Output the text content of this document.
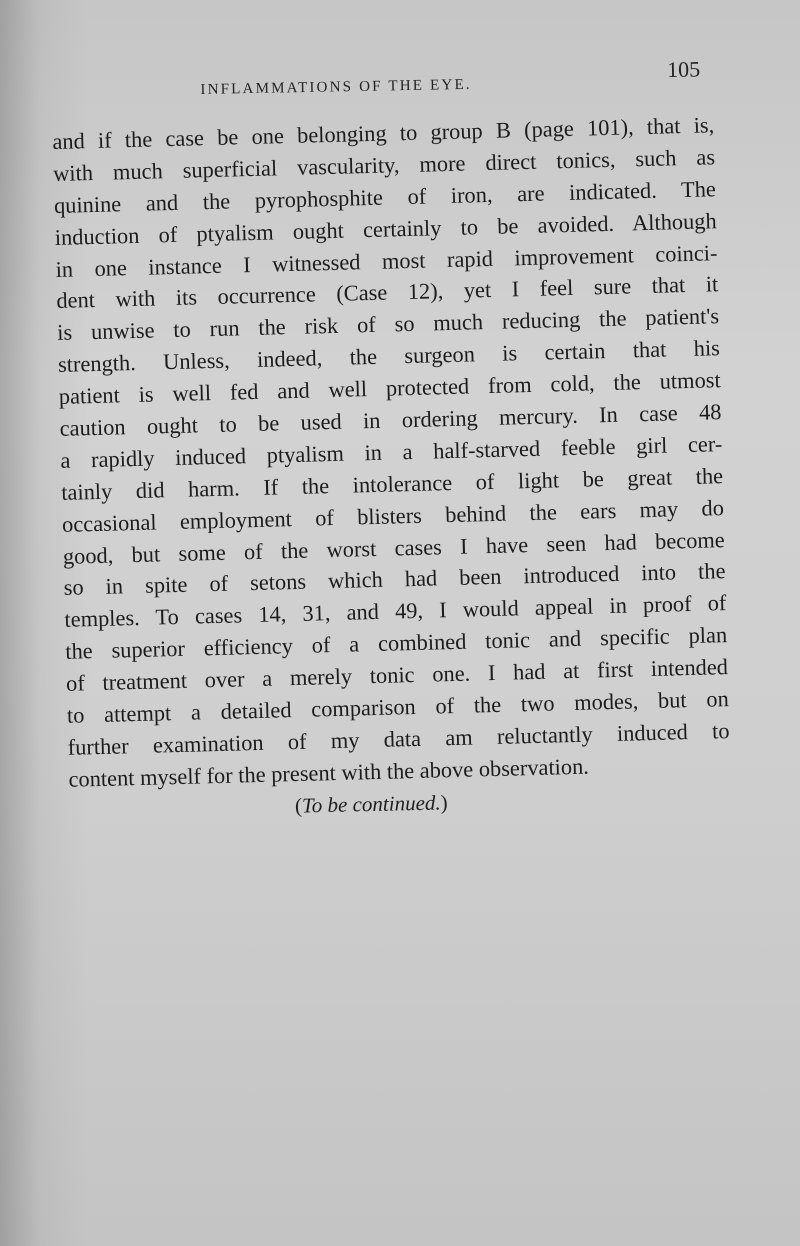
INFLAMMATIONS OF THE EYE.
105
and if the case be one belonging to group B (page 101), that is,
with much superficial vascularity, more direct tonics, such as
quinine and the pyrophosphite of iron, are indicated. The
induction of ptyalism ought certainly to be avoided. Although
in one instance I witnessed most rapid improvement coinci-
dent with its occurrence (Case 12), yet I feel sure that it
is unwise to run the risk of so much reducing the patient's
strength. Unless, indeed, the surgeon is certain that his
patient is well fed and well protected from cold, the utmost
caution ought to be used in ordering mercury. In case 48
a rapidly induced ptyalism in a half-starved feeble girl cer-
tainly did harm. If the intolerance of light be great the
occasional employment of blisters behind the ears may do
good, but some of the worst cases I have seen had become
so in spite of setons which had been introduced into the
temples. To cases 14, 31, and 49, I would appeal in proof of
the superior efficiency of a combined tonic and specific plan
of treatment over a merely tonic one. I had at first intended
to attempt a detailed comparison of the two modes, but on
further examination of my data am reluctantly induced to
content myself for the present with the above observation.
(To be continued.)
